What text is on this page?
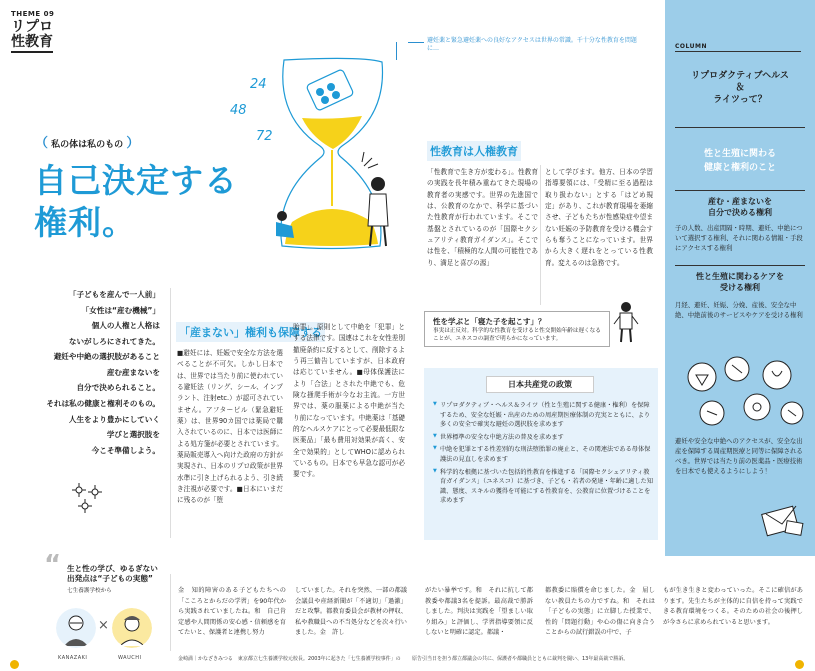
THEME 09
リプロ
性教育	避妊薬と緊急避妊薬への良好なアクセスは世界の常識。千十分な性教育を問題に…
24
48
72
（ 私の体は私のもの ）
自己決定する
権利。
「子どもを産んで一人前」
「女性は“産む機械”」
個人の人権と人格は
ないがしろにされてきた。
避妊や中絶の選択肢があること
産む産まないを
自分で決められること。
それは私の健康と権利そのもの。
人生をより豊かにしていく
学びと選択肢を
今こそ準備しよう。
「産まない」権利も保障する
■避妊には、妊娠で安全な方法を選べることが不可欠。しかし日本では、世界では当たり前に使われている避妊法（リング、シール、インプラント、注射etc.）が認可されていません。アフターピル（緊急避妊薬）は、世界90カ国では薬局で購入されているのに、日本では医師による処方箋が必要とされています。薬局販売導入へ向けた政府の方針が実現され、日本のリプロ政策が世界水準に引き上げられるよう、引き続き注視が必要です。■日本にいまだに残るのが「堕
胎罪」。原則として中絶を「犯罪」とする法律です。国連はこれを女性差別撤廃条約に反するとして、削除するよう再三勧告していますが、日本政府は応じていません。■母体保護法により「合法」とされた中絶でも、危険な掻爬手術が今なお主流。一方世界では、薬の服薬による中絶が当たり前になっています。中絶薬は「基礎的なヘルスケアにとって必要最低限な医薬品」「最も費用対効果が高く、安全で効果的」としてWHOに認められているもの。日本でも早急な認可が必要です。
性教育は人権教育
「性教育で生き方が変わる」。性教育の実践を長年積み重ねてきた現場の教育者の実感です。世界の先進国では、公教育のなかで、科学に基づいた性教育が行われています。そこで基盤とされているのが「国際セクシュアリティ教育ガイダンス」。そこでは性を、「積極的な人間の可能性であり、満足と喜びの源」
として学びます。他方、日本の学習指導要領には、「受精に至る過程は取り扱わない」とする「はどめ規定」があり、これが教育現場を萎縮させ、子どもたちが性感染症や望まない妊娠の予防教育を受ける機会すらも奪うことになっています。世界から大きく遅れをとっている性教育。変えるのは急務です。
性を学ぶと「寝た子を起こす」？
事実は正反対。科学的な性教育を受けると性交開始年齢は遅くなることが、ユネスコの調査で明らかになっています。
日本共産党の政策
▼ リプロダクティブ・ヘルス＆ライツ（性と生殖に関する健康・権利）を保障するため、安全な妊娠・出産のための周産期医療体制の充実とともに、より多くの安全で確実な避妊の選択肢を求めます
▼ 世界標準の安全な中絶方法の普及を求めます
▼ 中絶を犯罪とする性差別的な刑法堕胎罪の廃止と、その関連法である母体保護法の見直しを求めます
▼ 科学的な根拠に基づいた包括的性教育を推進する「国際セクシュアリティ教育ガイダンス」（ユネスコ）に基づき、子ども・若者の発達・年齢に適した知識、態度、スキルの獲得を可能にする性教育を、公教育に位置づけることを求めます
COLUMN
リプロダクティブヘルス
＆
ライツって？
性と生殖に関わる
健康と権利のこと
産む・産まないを
自分で決める権利
子の人数、出産間隔・時期、避妊、中絶について選択する権利、それに関わる情報・手段にアクセスする権利
性と生殖に関わるケアを
受ける権利
月経、避妊、妊娠、分娩、産後、安全な中絶、中絶前後のサービスやケアを受ける権利
避妊や安全な中絶へのアクセスが、安全な出産を保障する周産期医療と同等に保障されるべき。世界では当たり前の医薬品・医療技術を日本でも使えるようにしよう！
“ 生と性の学び、ゆるぎない
出発点は“子どもの実態”
七生養護学校から
×
KANAZAKI	WAUCHI
金　知的障害のある子どもたちへの「こころとからだの学習」を90年代から実践されていましたね。和　自己肯定感や人間関係の安心感・信頼感を育てたいと、保護者と連携し努力
していました。それを突然、一部の都議会議員や産経新聞が「不適切」「過激」だと攻撃。都教育委員会が教材の押収、私や教職員への不当処分などを次々行いました。金　許し
がたい暴挙です。和　それに抗して都教委や都議3名を提訴。最高裁で勝訴しました。判決は実践を「望ましい取り組み」と評価し、学習指導要領に反しないと明確に認定。都議・
都教委に賠償を命じました。金　屈しない教員たちの力ですね。和　それは「子どもの実態」に立脚した授業で、性的「問題行動」や心の傷に向き合うことからの試行錯誤の中で、子
もが生き生きと変わっていった。そこに確信があります。先生たちが主体的に自信を持って実践できる教育環境をつくる。そのための社会の後押しが今さらに求められていると思います。
金崎満｜かなざきみつる　東京都立七生養護学校元校長。2003年に起きた「七生養護学校事件」の	原告引当日を担う都立都議会の共に、保護者や都職員とともに裁判を闘い、13年最高裁で勝訴。
